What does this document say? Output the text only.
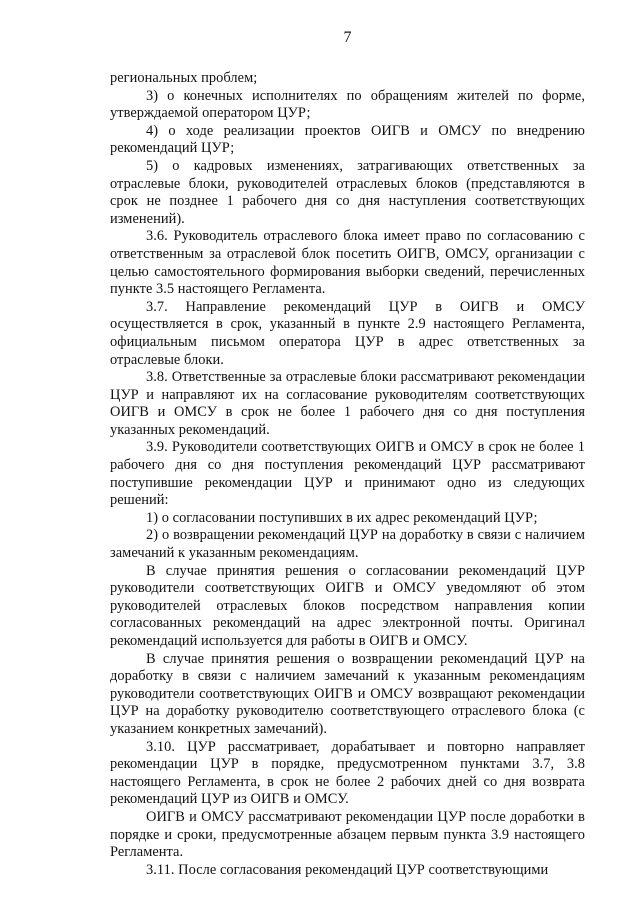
7

региональных проблем;

3) о конечных исполнителях по обращениям жителей по форме, утверждаемой оператором ЦУР;

4) о ходе реализации проектов ОИГВ и ОМСУ по внедрению рекомендаций ЦУР;

5) о кадровых изменениях, затрагивающих ответственных за отраслевые блоки, руководителей отраслевых блоков (представляются в срок не позднее 1 рабочего дня со дня наступления соответствующих изменений).

3.6. Руководитель отраслевого блока имеет право по согласованию с ответственным за отраслевой блок посетить ОИГВ, ОМСУ, организации с целью самостоятельного формирования выборки сведений, перечисленных пункте 3.5 настоящего Регламента.

3.7. Направление рекомендаций ЦУР в ОИГВ и ОМСУ осуществляется в срок, указанный в пункте 2.9 настоящего Регламента, официальным письмом оператора ЦУР в адрес ответственных за отраслевые блоки.

3.8. Ответственные за отраслевые блоки рассматривают рекомендации ЦУР и направляют их на согласование руководителям соответствующих ОИГВ и ОМСУ в срок не более 1 рабочего дня со дня поступления указанных рекомендаций.

3.9. Руководители соответствующих ОИГВ и ОМСУ в срок не более 1 рабочего дня со дня поступления рекомендаций ЦУР рассматривают поступившие рекомендации ЦУР и принимают одно из следующих решений:

1) о согласовании поступивших в их адрес рекомендаций ЦУР;

2) о возвращении рекомендаций ЦУР на доработку в связи с наличием замечаний к указанным рекомендациям.

В случае принятия решения о согласовании рекомендаций ЦУР руководители соответствующих ОИГВ и ОМСУ уведомляют об этом руководителей отраслевых блоков посредством направления копии согласованных рекомендаций на адрес электронной почты. Оригинал рекомендаций используется для работы в ОИГВ и ОМСУ.

В случае принятия решения о возвращении рекомендаций ЦУР на доработку в связи с наличием замечаний к указанным рекомендациям руководители соответствующих ОИГВ и ОМСУ возвращают рекомендации ЦУР на доработку руководителю соответствующего отраслевого блока (с указанием конкретных замечаний).

3.10. ЦУР рассматривает, дорабатывает и повторно направляет рекомендации ЦУР в порядке, предусмотренном пунктами 3.7, 3.8 настоящего Регламента, в срок не более 2 рабочих дней со дня возврата рекомендаций ЦУР из ОИГВ и ОМСУ.

ОИГВ и ОМСУ рассматривают рекомендации ЦУР после доработки в порядке и сроки, предусмотренные абзацем первым пункта 3.9 настоящего Регламента.

3.11. После согласования рекомендаций ЦУР соответствующими
